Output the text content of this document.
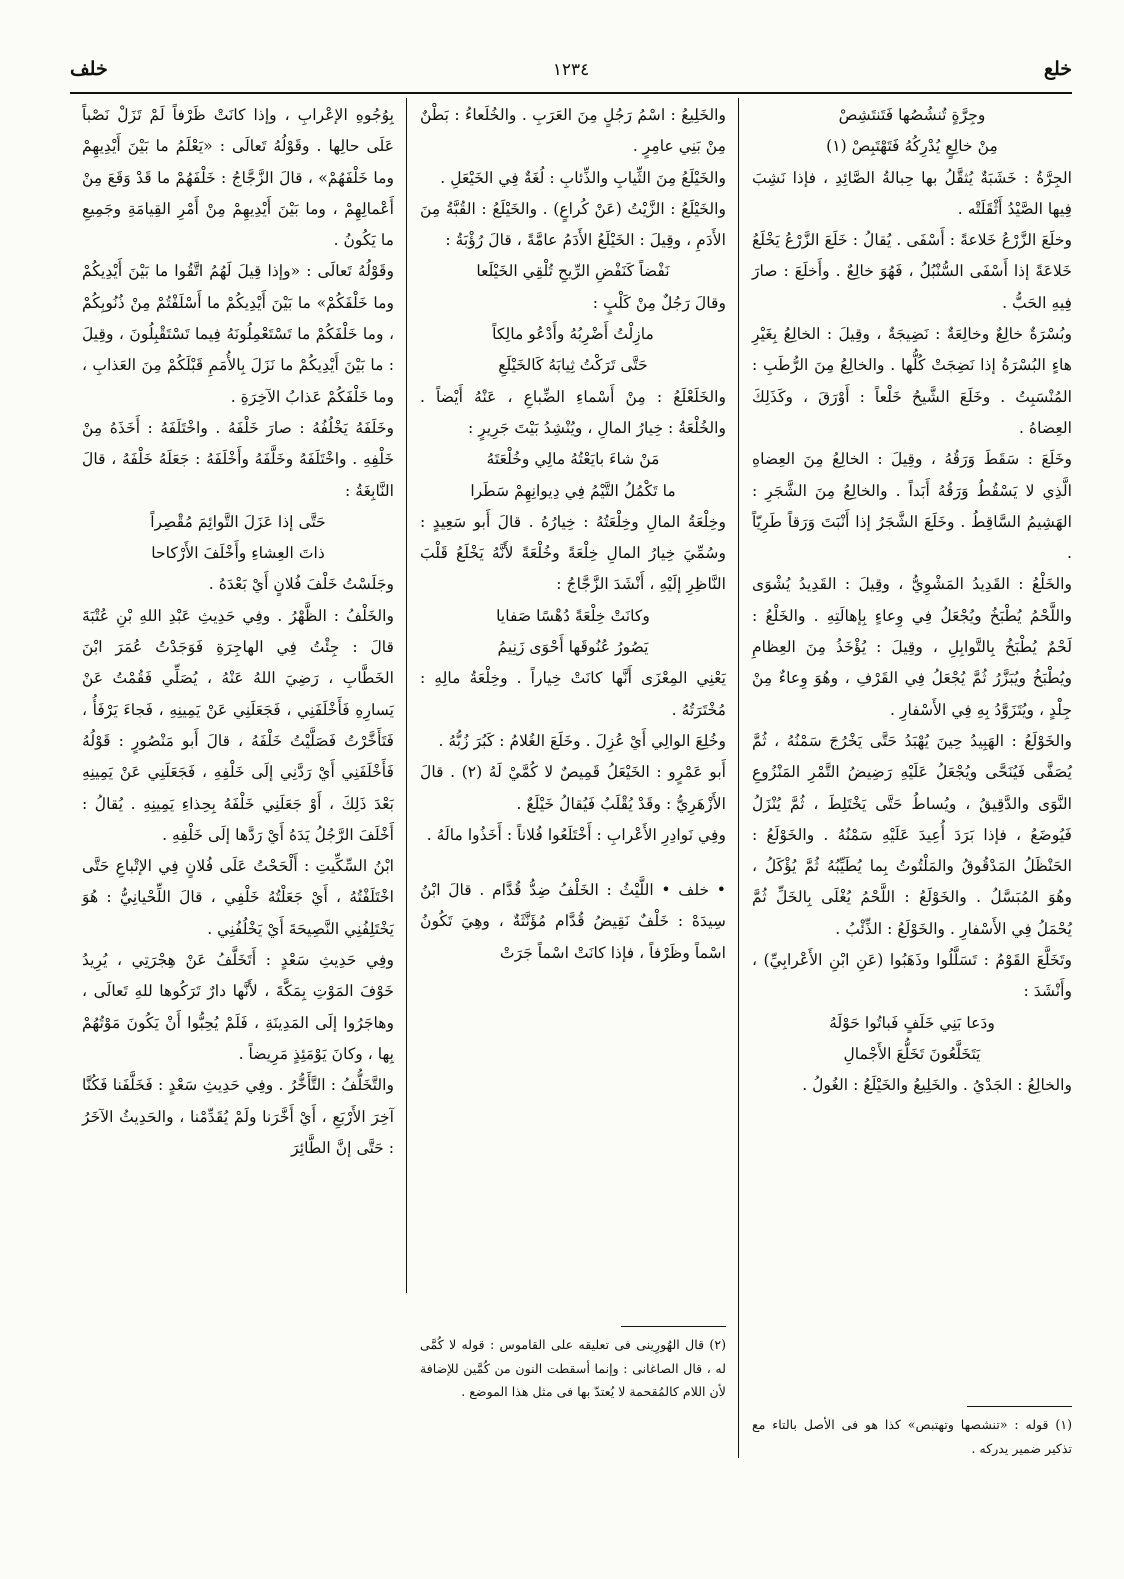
خلع
١٢٣٤
خلف

وجِرَّةٍ تُنشُصُها فَتَنتَشِصْ

مِنْ خالِعٍ يُدْرِكُهُ فَتَهْتَبِصْ (١)

الجِرَّةُ : خَشَبَةٌ يُثقَّلُ بها حِبالةُ الصَّائِدِ ، فإذا نَشِبَ فِيها الصَّيْدُ أَثْقَلَتْه .

وخلَعَ الزَّرْعُ خَلاعةً : أَسْفَى . يُقالُ : خَلَعَ الزَّرْعُ يَخْلَعُ خَلاعَةً إذا أَسْفَى السُّنْبُلُ ، فَهُوَ خالِعٌ . وأَخلَعَ : صارَ فِيهِ الحَبُّ .

وبُسْرَةٌ خالِعٌ وخالِعَةٌ : نَضِيجَةٌ ، وقِيلَ : الخالِعُ بِغَيْرِ هاءٍ البُسْرَةُ إذا نَضِجَتْ كُلُّها . والخالِعُ مِنَ الرُّطَبِ : المُنْسَبِتُ . وخَلَعَ الشَّيحُ خَلْعاً : أَوْرَقَ ، وكَذَلِكَ العِضاهُ .

وخَلَعَ : سَقَطَ وَرَقُهُ ، وقِيلَ : الخالِعُ مِنَ العِضاهِ الَّذِي لا يَسْقُطُ وَرَقُهُ أَبَداً . والخالِعُ مِنَ الشَّجَرِ : الهَشِيمُ السَّاقِطُ . وخَلَعَ الشَّجَرُ إذا أَنْبَتَ وَرَقاً طَرِيّاً .

والخَلْعُ : القَدِيدُ المَشْوِيُّ ، وقِيلَ : القَدِيدُ يُشْوَى واللَّحْمُ يُطْبَخُ ويُجْعَلُ فِي وِعاءٍ بِإهالَتِهِ . والخَلْعُ : لَحْمٌ يُطْبَخُ بِالتَّوابِلِ ، وقِيلَ : يُؤْخَذُ مِنَ العِظامِ ويُطْبَخُ ويُبَزَّرُ ثُمَّ يُجْعَلُ فِي القَرْفِ ، وهُوَ وِعاءٌ مِنْ جِلْدٍ ، ويُتَزَوَّدُ بِهِ فِي الأَسْفارِ .

والخَوْلَعُ : الهَبِيدُ حِينَ يُهْبَدُ حَتَّى يَخْرُجَ سَمْنُهُ ، ثُمَّ يُصَفَّى فَيُنَحَّى ويُجْعَلُ عَلَيْهِ رَضِيضُ التَّمْرِ المَنْزُوعِ النَّوَى والدَّقِيقُ ، ويُساطُ حَتَّى يَخْتَلِطَ ، ثُمَّ يُنْزَلُ فَيُوضَعُ ، فإذا بَرَدَ أُعِيدَ عَلَيْهِ سَمْنُهُ . والخَوْلَعُ : الحَنْظَلُ المَدْقُوقُ والمَلْتُوتُ بِما يُطَيِّبُهُ ثُمَّ يُؤْكَلُ ، وهُوَ المُبَسَّلُ . والخَوْلَعُ : اللَّحْمُ يُغْلَى بِالخَلِّ ثُمَّ يُحْمَلُ فِي الأَسْفارِ . والخَوْلَعُ : الذِّئْبُ .

وتَخَلَّعَ القَوْمُ : تَسَلَّلُوا وذَهَبُوا (عَنِ ابْنِ الأَعْرابِيِّ) ، وأَنْشَدَ :

ودَعا بَنِي خَلَفٍ فَباتُوا حَوْلَهُ

يَتَخَلَّعُونَ تَخَلُّعَ الأَجْمالِ

والخالِعُ : الجَدْيُ . والخَلِيعُ والخَيْلَعُ : الغُولُ .

(١) قوله : «تنشصها وتهتبص» كذا هو فى الأصل بالتاء مع تذكير ضمير يدركه .

والخَلِيعُ : اسْمُ رَجُلٍ مِنَ العَرَبِ . والخُلَعاءُ : بَطْنٌ مِنْ بَنِي عامِرٍ .

والخَيْلَعُ مِنَ الثِّيابِ والذِّئابِ : لُغَةٌ فِي الخَيْعَلِ .

والخَيْلَعُ : الزَّيْتُ (عَنْ كُراعٍ) . والخَيْلَعُ : القُبَّةُ مِنَ الأَدَمِ ، وقِيلَ : الخَيْلَعُ الأَدَمُ عامَّةً ، قالَ رُؤْبَةُ :

نَفْضاً كَنَفْضِ الرِّيحِ تُلْقِي الخَيْلَعا

وقالَ رَجُلٌ مِنْ كَلْبٍ :

مازِلْتُ أَضْرِبُهُ وأَدْعُو مالِكاً

حَتَّى تَرَكْتُ ثِيابَهُ كَالخَيْلَعِ

والخَلَعْلَعُ : مِنْ أَسْماءِ الضِّباعِ ، عَنْهُ أَيْضاً . والخُلْعَةُ : خِيارُ المالِ ، ويُنْشِدُ بَيْتَ جَرِيرٍ :

مَنْ شاءَ بايَعْتُهُ مالِي وخُلْعَتَهُ

ما تَكْمُلُ التَّيْمُ فِي دِيوانِهِمْ سَطَرا

وخِلْعَةُ المالِ وخِلْعَتُهُ : خِيارُهُ . قالَ أَبو سَعِيدٍ : وسُمِّيَ خِيارُ المالِ خِلْعَةً وخُلْعَةً لأَنَّهُ يَخْلَعُ قَلْبَ النَّاظِرِ إلَيْهِ ، أَنْشَدَ الزَّجَّاجُ :

وكانَتْ خِلْعَةً دُهْسًا صَفايا

يَصُورُ عُنُوقَها أَحْوَى زَنِيمُ

يَعْنِي المِعْزَى أَنَّها كانَتْ خِياراً . وخِلْعَةُ مالِهِ : مُخْتَرَتُهُ .

وخُلِعَ الوالِي أَيْ عُزِلَ . وخَلَعَ الغُلامُ : كَبُرَ زُبُّهُ .

أَبو عَمْرٍو : الخَيْعَلُ قَمِيصٌ لا كُمَّيْ لَهُ (٢) . قالَ الأَزْهَرِيُّ : وقَدْ يُقْلَبُ فَيُقالُ خَيْلَعٌ .

وفِي نَوادِرِ الأَعْرابِ : أَخْتَلَعُوا فُلاناً : أَخَذُوا مالَهُ .

• خلف • اللَّيْثُ : الخَلْفُ ضِدُّ قُدَّام . قالَ ابْنُ سِيدَهْ : خَلْفٌ نَقِيضُ قُدَّام مُؤَنَّثَةٌ ، وهِيَ تَكُونُ اسْماً وظَرْفاً ، فإذا كانَتْ اسْماً جَرَتْ

(٢) قال الهُورِينى فى تعليقه على القاموس : قوله لا كُمَّى له ، قال الصاغانى : وإنما أسقطت النون من كُمَّين للإضافة لأن اللام كالمُقحمة لا يُعتدّ بها فى مثل هذا الموضع .

بِوُجُوهِ الإعْرابِ ، وإذا كانَتْ ظَرْفاً لَمْ تَزَلْ نَصْباً عَلَى حالِها . وقَوْلُهُ تَعالَى : «يَعْلَمُ ما بَيْنَ أَيْدِيهِمْ وما خَلْفَهُمْ» ، قالَ الزَّجَّاجُ : خَلْفَهُمْ ما قَدْ وَقَعَ مِنْ أَعْمالِهِمْ ، وما بَيْنَ أَيْدِيهِمْ مِنْ أَمْرِ القِيامَةِ وجَمِيعِ ما يَكُونُ .

وقَوْلُهُ تَعالَى : «وإذا قِيلَ لَهُمُ اتَّقُوا ما بَيْنَ أَيْدِيكُمْ وما خَلْفَكُمْ» ما بَيْنَ أَيْدِيكُمْ ما أَسْلَفْتُمْ مِنْ ذُنُوبِكُمْ ، وما خَلْفَكُمْ ما تَسْتَعْمِلُونَهُ فِيما تَسْتَقْبِلُونَ ، وقِيلَ : ما بَيْنَ أَيْدِيكُمْ ما نَزَلَ بِالأُمَمِ قَبْلَكُمْ مِنَ العَذابِ ، وما خَلْفَكُمْ عَذابُ الآخِرَةِ .

وخَلَفَهُ يَخْلُفُهُ : صارَ خَلْفَهُ . واخْتَلَفَهُ : أَخَذَهُ مِنْ خَلْفِهِ . واخْتَلَفَهُ وخَلَّفَهُ وأَخْلَفَهُ : جَعَلَهُ خَلْفَهُ ، قالَ النَّابِغَةُ :

حَتَّى إذا عَزَلَ التَّوائِمَ مُقْصِراً

ذاتَ العِشاءِ وأَخْلَفَ الأَرْكاحا

وجَلَسْتُ خَلْفَ فُلانٍ أَيْ بَعْدَهُ .

والخَلْفُ : الظَّهْرُ . وفِي حَدِيثِ عَبْدِ اللهِ بْنِ عُتْبَةَ قالَ : جِئْتُ فِي الهاجِرَةِ فَوَجَدْتُ عُمَرَ ابْنَ الخَطَّابِ ، رَضِيَ اللهُ عَنْهُ ، يُصَلِّي فَقُمْتُ عَنْ يَسارِهِ فَأَخْلَفَنِي ، فَجَعَلَنِي عَنْ يَمِينِهِ ، فَجاءَ يَرْفَأُ ، فَتَأَخَّرْتُ فَصَلَّيْتُ خَلْفَهُ ، قالَ أَبو مَنْصُورٍ : قَوْلُهُ فَأَخْلَفَنِي أَيْ رَدَّنِي إلَى خَلْفِهِ ، فَجَعَلَنِي عَنْ يَمِينِهِ بَعْدَ ذَلِكَ ، أَوْ جَعَلَنِي خَلْفَهُ بِحِذاءِ يَمِينِهِ . يُقالُ : أَخْلَفَ الرَّجُلُ يَدَهُ أَيْ رَدَّها إلَى خَلْفِهِ .

ابْنُ السِّكِّيتِ : أَلْحَحْتُ عَلَى فُلانٍ فِي الإتْباعِ حَتَّى اخْتَلَفْتُهُ ، أَيْ جَعَلْتُهُ خَلْفِي ، قالَ اللِّحْيانِيُّ : هُوَ يَخْتَلِفُنِي النَّصِيحَةَ أَيْ يَخْلُفُنِي .

وفِي حَدِيثِ سَعْدٍ : أَتَخَلَّفُ عَنْ هِجْرَتِي ، يُرِيدُ خَوْفَ المَوْتِ بِمَكَّةَ ، لأَنَّها دارٌ تَرَكُوها للهِ تَعالَى ، وهاجَرُوا إلَى المَدِينَةِ ، فَلَمْ يُحِبُّوا أَنْ يَكُونَ مَوْتُهُمْ بِها ، وكانَ يَوْمَئِذٍ مَرِيضاً .

والتَّخَلُّفُ : التَّأَخُّرُ . وفِي حَدِيثِ سَعْدٍ : فَخَلَّفَنا فَكُنَّا آخِرَ الأَرْبَعِ ، أَيْ أَخَّرَنا ولَمْ يُقَدِّمْنا ، والحَدِيثُ الآخَرُ : حَتَّى إنَّ الطَّائِرَ
